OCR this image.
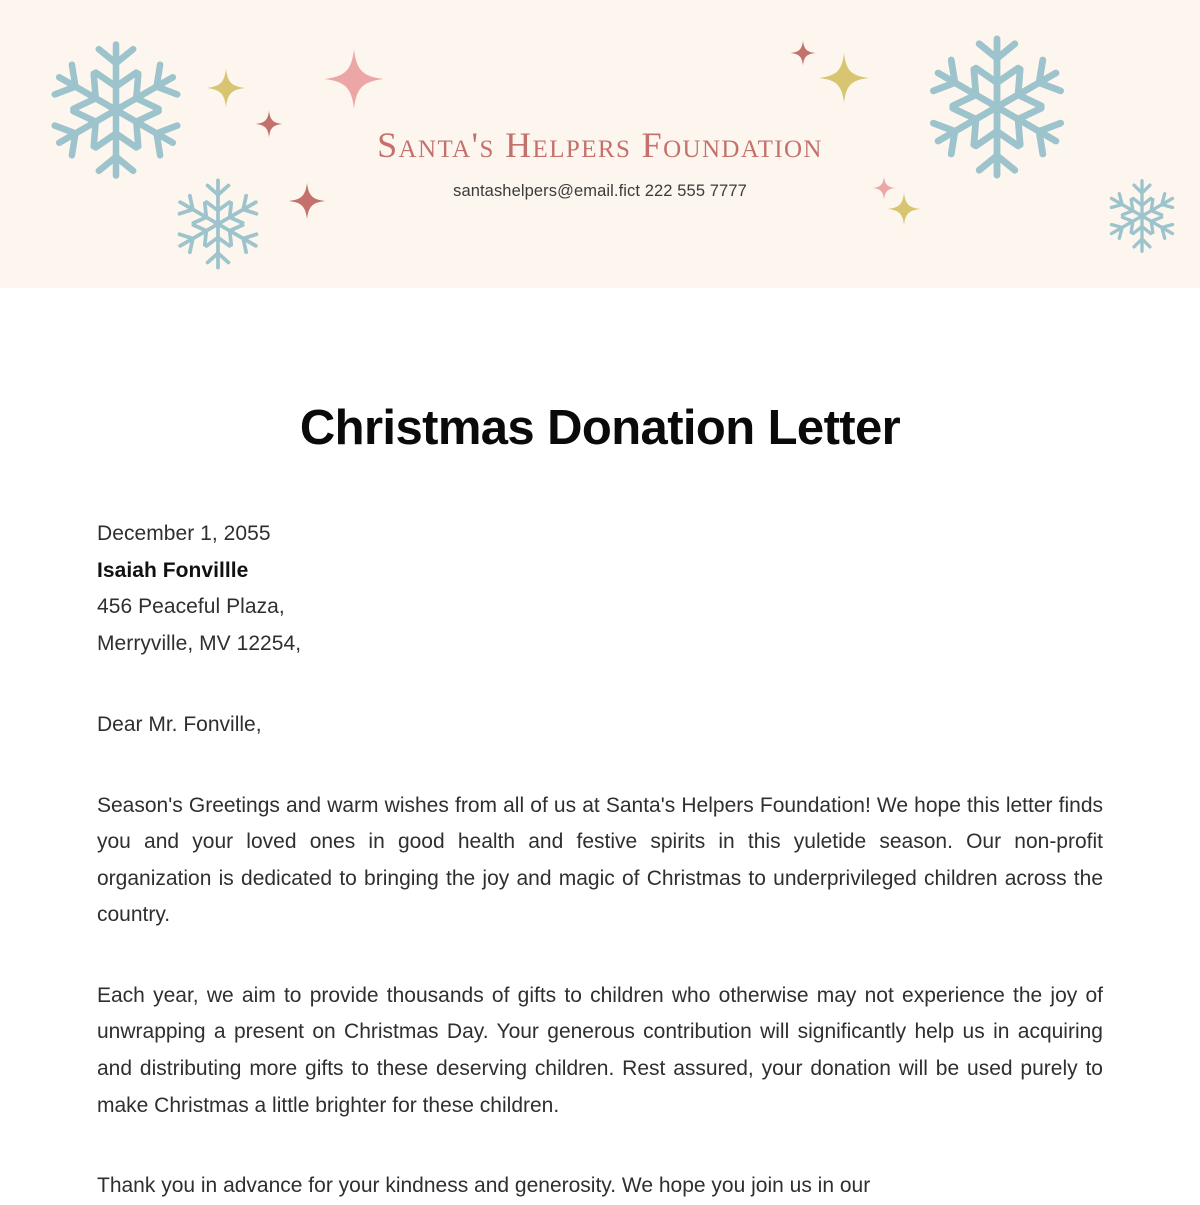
Santa's Helpers Foundation
santashelpers@email.fict 222 555 7777
Christmas Donation Letter
December 1, 2055
Isaiah Fonvillle
456 Peaceful Plaza,
Merryville, MV 12254,
Dear Mr. Fonville,

Season's Greetings and warm wishes from all of us at Santa's Helpers Foundation! We hope this letter finds you and your loved ones in good health and festive spirits in this yuletide season. Our non-profit organization is dedicated to bringing the joy and magic of Christmas to underprivileged children across the country.

Each year, we aim to provide thousands of gifts to children who otherwise may not experience the joy of unwrapping a present on Christmas Day. Your generous contribution will significantly help us in acquiring and distributing more gifts to these deserving children. Rest assured, your donation will be used purely to make Christmas a little brighter for these children.

Thank you in advance for your kindness and generosity. We hope you join us in our
